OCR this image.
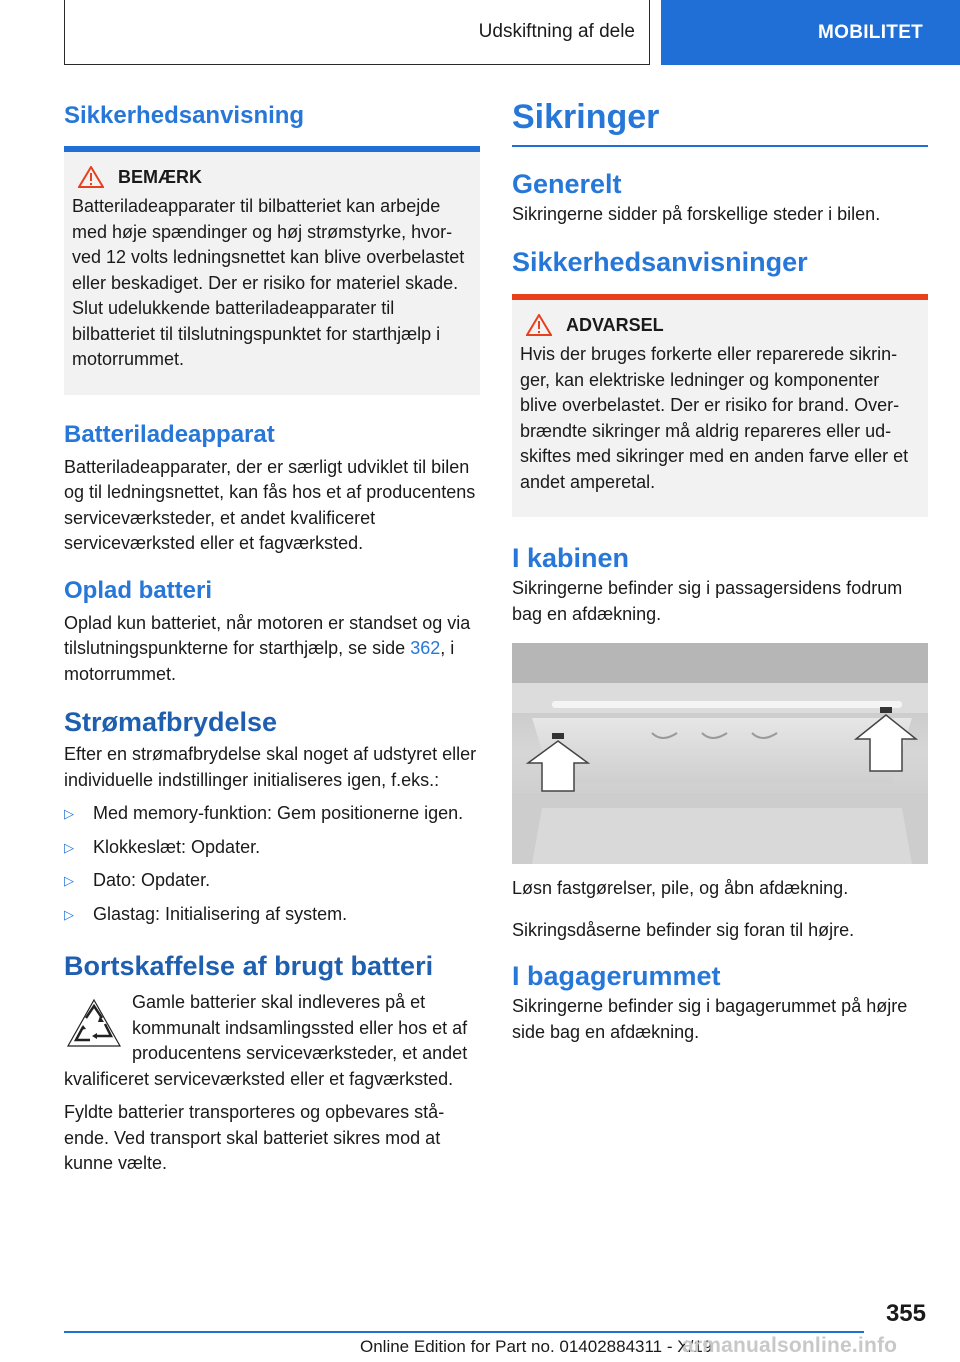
Udskiftning af dele	MOBILITET
Sikkerhedsanvisning
BEMÆRK

Batteriladeapparater til bilbatteriet kan arbejde med høje spændinger og høj strømstyrke, hvorved 12 volts ledningsnettet kan blive overbelastet eller beskadiget. Der er risiko for materiel skade. Slut udelukkende batteriladeapparater til bilbatteriet til tilslutningspunktet for starthjælp i motorrummet.

Batteriladeapparat

Batteriladeapparater, der er særligt udviklet til bilen og til ledningsnettet, kan fås hos et af producentens serviceværksteder, et andet kvalificeret serviceværksted eller et fagværksted.

Oplad batteri

Oplad kun batteriet, når motoren er standset og via tilslutningspunkterne for starthjælp, se side 362, i motorrummet.

Strømafbrydelse

Efter en strømafbrydelse skal noget af udstyret eller individuelle indstillinger initialiseres igen, f.eks.:

▷ Med memory-funktion: Gem positionerne igen.
▷ Klokkeslæt: Opdater.
▷ Dato: Opdater.
▷ Glastag: Initialisering af system.
Bortskaffelse af brugt batteri

Gamle batterier skal indleveres på et kommunalt indsamlingssted eller hos et af producentens serviceværksteder, et andet kvalificeret serviceværksted eller et fagværksted.

Fyldte batterier transporteres og opbevares stående. Ved transport skal batteriet sikres mod at kunne vælte.

Sikringer
Generelt

Sikringerne sidder på forskellige steder i bilen.

Sikkerhedsanvisninger
ADVARSEL

Hvis der bruges forkerte eller reparerede sikringer, kan elektriske ledninger og komponenter blive overbelastet. Der er risiko for brand. Overbrændte sikringer må aldrig repareres eller udskiftes med sikringer med en anden farve eller et andet amperetal.

I kabinen

Sikringerne befinder sig i passagersidens fodrum bag en afdækning.

Løsn fastgørelser, pile, og åbn afdækning.

Sikringsdåserne befinder sig foran til højre.

I bagagerummet

Sikringerne befinder sig i bagagerummet på højre side bag en afdækning.

355
Online Edition for Part no. 01402884311 - X/19
armanualsonline.info
